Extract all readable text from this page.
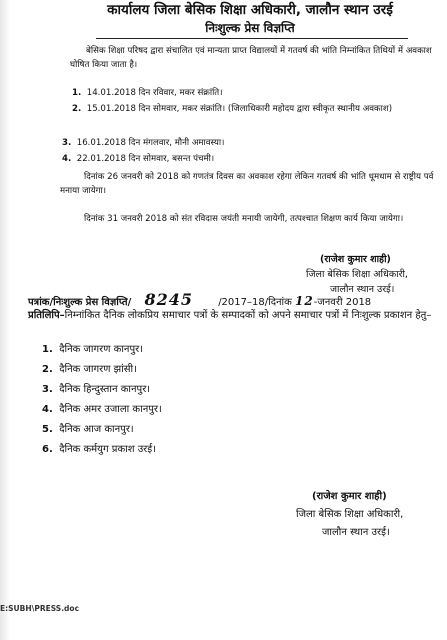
कार्यालय जिला बेसिक शिक्षा अधिकारी, जालौन स्थान उरई
निःशुल्क प्रेस विज्ञप्ति
बेसिक शिक्षा परिषद द्वारा संचालित एवं मान्यता प्राप्त विद्यालयों में गतवर्ष की भांति निम्नांकित तिथियों में अवकाश घोषित किया जाता है।
1. 14.01.2018 दिन रविवार, मकर संक्रांति।
2. 15.01.2018 दिन सोमवार, मकर संक्रांति। (जिलाधिकारी महोदय द्वारा स्वीकृत स्थानीय अवकाश)
3. 16.01.2018 दिन मंगलवार, मौनी अमावस्या।
4. 22.01.2018 दिन सोमवार, बसन्त पंचमी।
दिनांक 26 जनवरी को 2018 को गणतंत्र दिवस का अवकाश रहेगा लेकिन गतवर्ष की भांति धूमधाम से राष्ट्रीय पर्व मनाया जायेगा।
दिनांक 31 जनवरी 2018 को संत रविदास जयंती मनायी जायेगी, तत्पश्चात शिक्षण कार्य किया जायेगा।
(राजेश कुमार शाही)
जिला बेसिक शिक्षा अधिकारी,
जालौन स्थान उरई।
पत्रांक/निःशुल्क प्रेस विज्ञप्ति/ 8245	/2017–18/दिनांक 12-जनवरी 2018
प्रतिलिपि–निम्नांकित दैनिक लोकप्रिय समाचार पत्रों के सम्पादकों को अपने समाचार पत्रों में निःशुल्क प्रकाशन हेतु–
1. दैनिक जागरण कानपुर।
2. दैनिक जागरण झांसी।
3. दैनिक हिन्दुस्तान कानपुर।
4. दैनिक अमर उजाला कानपुर।
5. दैनिक आज कानपुर।
6. दैनिक कर्मयुग प्रकाश उरई।
(राजेश कुमार शाही)
जिला बेसिक शिक्षा अधिकारी,
जालौन स्थान उरई।
E:SUBH\PRESS.doc
